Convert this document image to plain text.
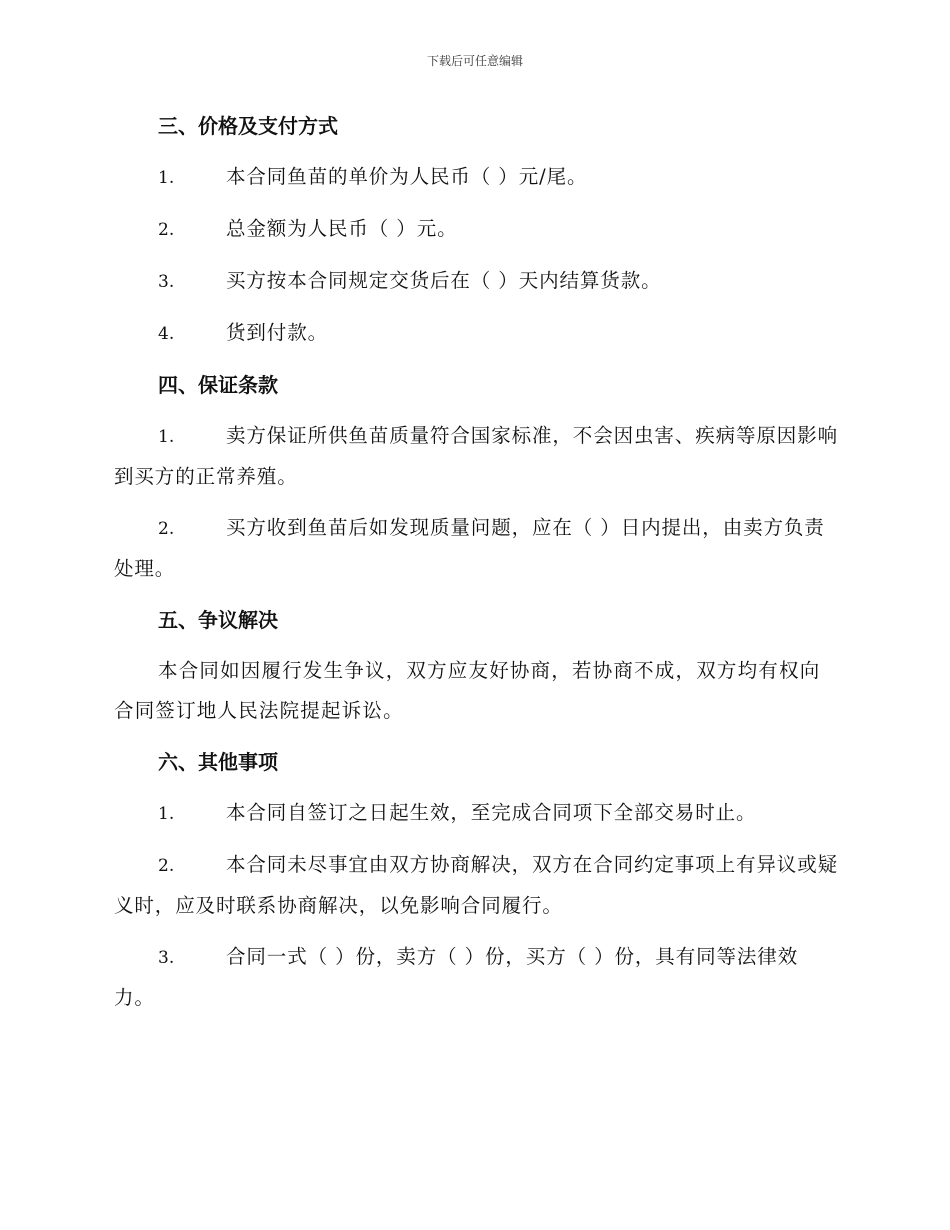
下载后可任意编辑
三、价格及支付方式
1.	本合同鱼苗的单价为人民币（ ）元/尾。
2.	总金额为人民币（ ）元。
3.	买方按本合同规定交货后在（ ）天内结算货款。
4.	货到付款。
四、保证条款
1.	卖方保证所供鱼苗质量符合国家标准，不会因虫害、疾病等原因影响到买方的正常养殖。
2.	买方收到鱼苗后如发现质量问题，应在（ ）日内提出，由卖方负责处理。
五、争议解决
本合同如因履行发生争议，双方应友好协商，若协商不成，双方均有权向合同签订地人民法院提起诉讼。
六、其他事项
1.	本合同自签订之日起生效，至完成合同项下全部交易时止。
2.	本合同未尽事宜由双方协商解决，双方在合同约定事项上有异议或疑义时，应及时联系协商解决，以免影响合同履行。
3.	合同一式（ ）份，卖方（ ）份，买方（ ）份，具有同等法律效力。
